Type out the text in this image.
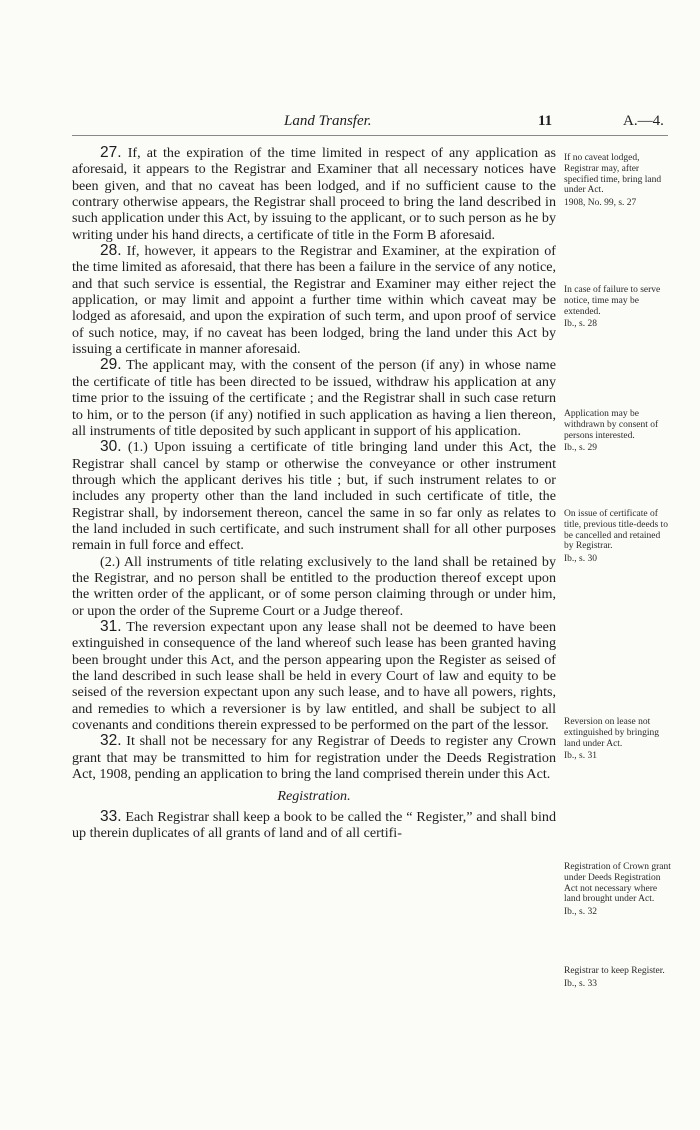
Land Transfer.	11	A.—4.

27. If, at the expiration of the time limited in respect of any application as aforesaid, it appears to the Registrar and Examiner that all necessary notices have been given, and that no caveat has been lodged, and if no sufficient cause to the contrary otherwise appears, the Registrar shall proceed to bring the land described in such application under this Act, by issuing to the applicant, or to such person as he by writing under his hand directs, a certificate of title in the Form B aforesaid.

28. If, however, it appears to the Registrar and Examiner, at the expiration of the time limited as aforesaid, that there has been a failure in the service of any notice, and that such service is essential, the Registrar and Examiner may either reject the application, or may limit and appoint a further time within which caveat may be lodged as aforesaid, and upon the expiration of such term, and upon proof of service of such notice, may, if no caveat has been lodged, bring the land under this Act by issuing a certificate in manner aforesaid.

29. The applicant may, with the consent of the person (if any) in whose name the certificate of title has been directed to be issued, withdraw his application at any time prior to the issuing of the certificate ; and the Registrar shall in such case return to him, or to the person (if any) notified in such application as having a lien thereon, all instruments of title deposited by such applicant in support of his application.

30. (1.) Upon issuing a certificate of title bringing land under this Act, the Registrar shall cancel by stamp or otherwise the conveyance or other instrument through which the applicant derives his title ; but, if such instrument relates to or includes any property other than the land included in such certificate of title, the Registrar shall, by indorsement thereon, cancel the same in so far only as relates to the land included in such certificate, and such instrument shall for all other purposes remain in full force and effect.

(2.) All instruments of title relating exclusively to the land shall be retained by the Registrar, and no person shall be entitled to the production thereof except upon the written order of the applicant, or of some person claiming through or under him, or upon the order of the Supreme Court or a Judge thereof.

31. The reversion expectant upon any lease shall not be deemed to have been extinguished in consequence of the land whereof such lease has been granted having been brought under this Act, and the person appearing upon the Register as seised of the land described in such lease shall be held in every Court of law and equity to be seised of the reversion expectant upon any such lease, and to have all powers, rights, and remedies to which a reversioner is by law entitled, and shall be subject to all covenants and conditions therein expressed to be performed on the part of the lessor.

32. It shall not be necessary for any Registrar of Deeds to register any Crown grant that may be transmitted to him for registration under the Deeds Registration Act, 1908, pending an application to bring the land comprised therein under this Act.

Registration.

33. Each Registrar shall keep a book to be called the “ Register,” and shall bind up therein duplicates of all grants of land and of all certifi-

If no caveat lodged, Registrar may, after specified time, bring land under Act.
1908, No. 99, s. 27
In case of failure to serve notice, time may be extended.
Ib., s. 28
Application may be withdrawn by consent of persons interested.
Ib., s. 29
On issue of certificate of title, previous title-deeds to be cancelled and retained by Registrar.
Ib., s. 30
Reversion on lease not extinguished by bringing land under Act.
Ib., s. 31
Registration of Crown grant under Deeds Registration Act not necessary where land brought under Act.
Ib., s. 32
Registrar to keep Register.
Ib., s. 33
